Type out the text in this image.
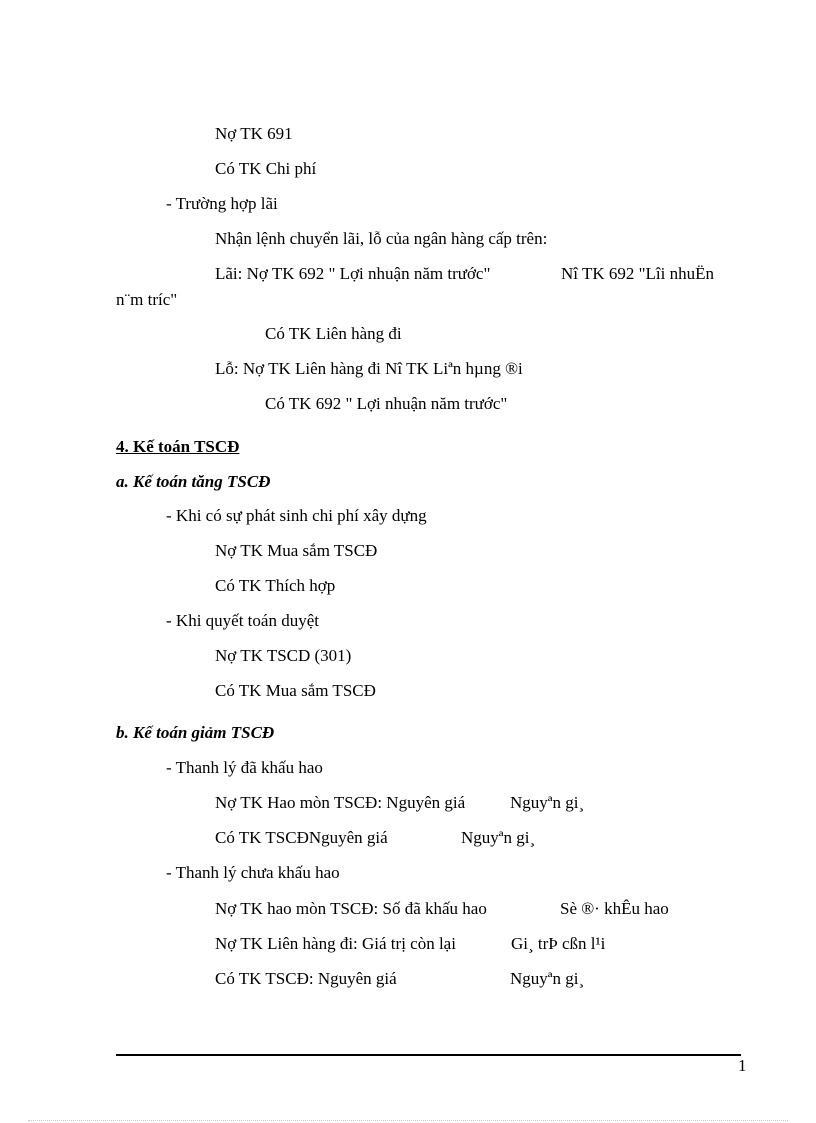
Nợ TK 691
Có TK Chi phí
- Trường hợp lãi
Nhận lệnh chuyển lãi, lỗ của ngân hàng cấp trên:
Lãi: Nợ TK 692 " Lợi nhuận năm trước"	Nî TK 692 "Lîi nhuËn
n¨m tríc"
Có TK Liên hàng đi
Lỗ: Nợ TK Liên hàng đi Nî TK Liªn hµng ®i
Có TK 692 " Lợi nhuận năm trước"
4. Kế toán TSCĐ
a. Kế toán tăng TSCĐ
- Khi có sự phát sinh chi phí xây dựng
Nợ TK Mua sắm TSCĐ
Có TK Thích hợp
- Khi quyết toán duyệt
Nợ TK TSCD (301)
Có TK Mua sắm TSCĐ
b. Kế toán giảm TSCĐ
- Thanh lý đã khấu hao
Nợ TK Hao mòn TSCĐ: Nguyên giá	Nguyªn gi¸
Có TK TSCĐNguyên giá	Nguyªn gi¸
- Thanh lý chưa khấu hao
Nợ TK hao mòn TSCĐ: Số đã khấu hao	Sè ®· khÊu hao
Nợ TK Liên hàng đi: Giá trị còn lại	Gi¸ trÞ cßn l¹i
Có TK TSCĐ: Nguyên giá	Nguyªn gi¸
1
